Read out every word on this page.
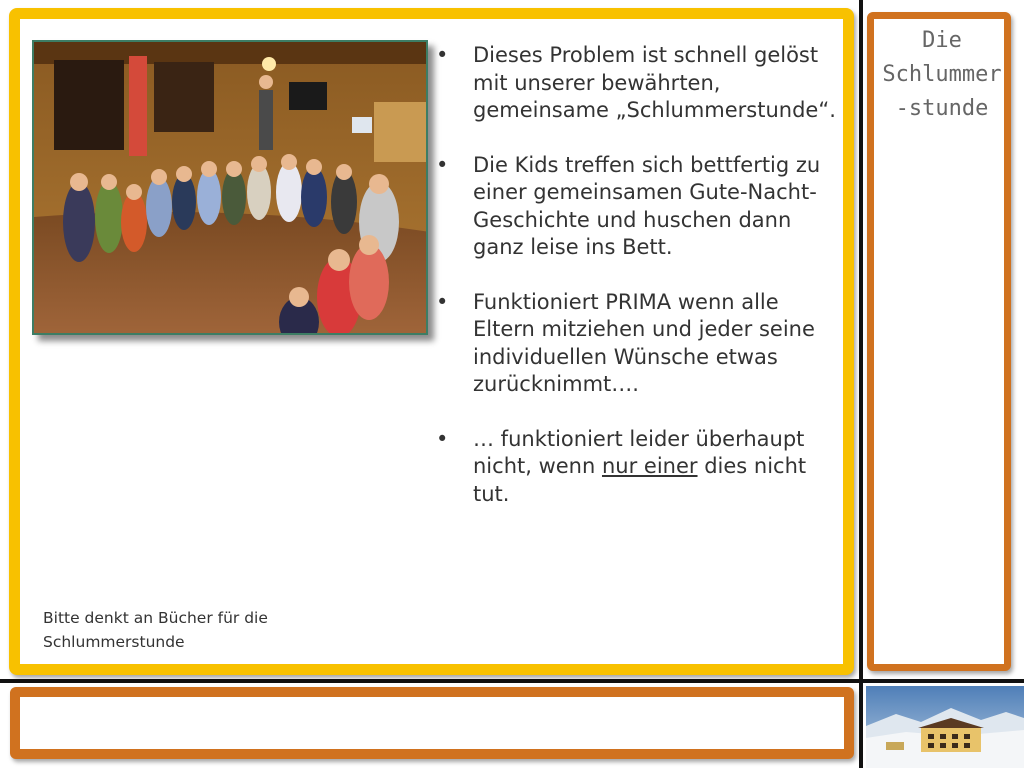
• Dieses Problem ist schnell gelöst mit unserer bewährten, gemeinsame „Schlummerstunde“.
• Die Kids treffen sich bettfertig zu einer gemeinsamen Gute-Nacht-Geschichte und huschen dann ganz leise ins Bett.
• Funktioniert PRIMA wenn alle Eltern mitziehen und jeder seine individuellen Wünsche etwas zurücknimmt….
• … funktioniert leider überhaupt nicht, wenn nur einer dies nicht tut.
Bitte denkt an Bücher für die Schlummerstunde
Die
Schlummer
-stunde
